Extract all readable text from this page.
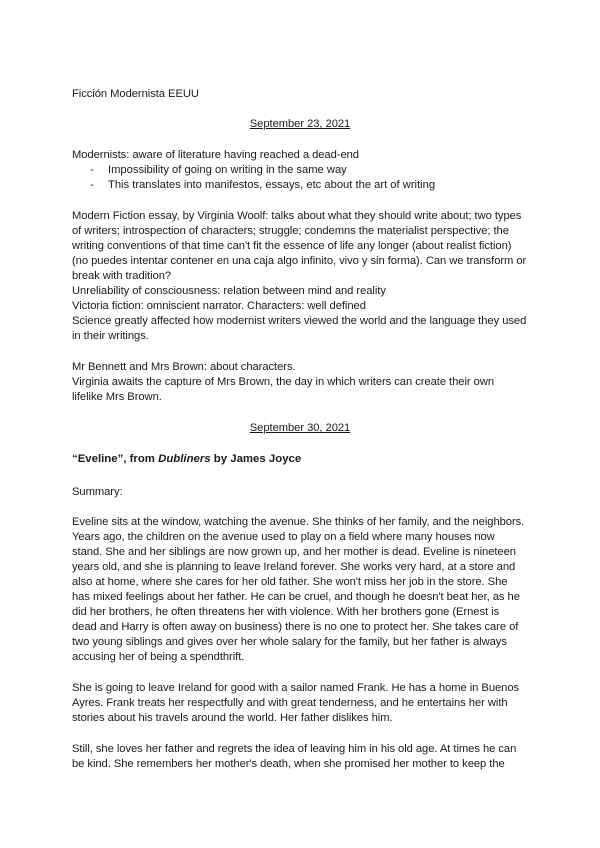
Ficción Modernista EEUU
September 23, 2021
Modernists: aware of literature having reached a dead-end
- Impossibility of going on writing in the same way
- This translates into manifestos, essays, etc about the art of writing
Modern Fiction essay, by Virginia Woolf: talks about what they should write about; two types
of writers; introspection of characters; struggle; condemns the materialist perspective; the
writing conventions of that time can't fit the essence of life any longer (about realist fiction)
(no puedes intentar contener en una caja algo infinito, vivo y sin forma). Can we transform or
break with tradition?
Unreliability of consciousness: relation between mind and reality
Victoria fiction: omniscient narrator. Characters: well defined
Science greatly affected how modernist writers viewed the world and the language they used
in their writings.
Mr Bennett and Mrs Brown: about characters.
Virginia awaits the capture of Mrs Brown, the day in which writers can create their own
lifelike Mrs Brown.
September 30, 2021
“Eveline”, from Dubliners by James Joyce
Summary:
Eveline sits at the window, watching the avenue. She thinks of her family, and the neighbors.
Years ago, the children on the avenue used to play on a field where many houses now
stand. She and her siblings are now grown up, and her mother is dead. Eveline is nineteen
years old, and she is planning to leave Ireland forever. She works very hard, at a store and
also at home, where she cares for her old father. She won't miss her job in the store. She
has mixed feelings about her father. He can be cruel, and though he doesn't beat her, as he
did her brothers, he often threatens her with violence. With her brothers gone (Ernest is
dead and Harry is often away on business) there is no one to protect her. She takes care of
two young siblings and gives over her whole salary for the family, but her father is always
accusing her of being a spendthrift.
She is going to leave Ireland for good with a sailor named Frank. He has a home in Buenos
Ayres. Frank treats her respectfully and with great tenderness, and he entertains her with
stories about his travels around the world. Her father dislikes him.
Still, she loves her father and regrets the idea of leaving him in his old age. At times he can
be kind. She remembers her mother's death, when she promised her mother to keep the
